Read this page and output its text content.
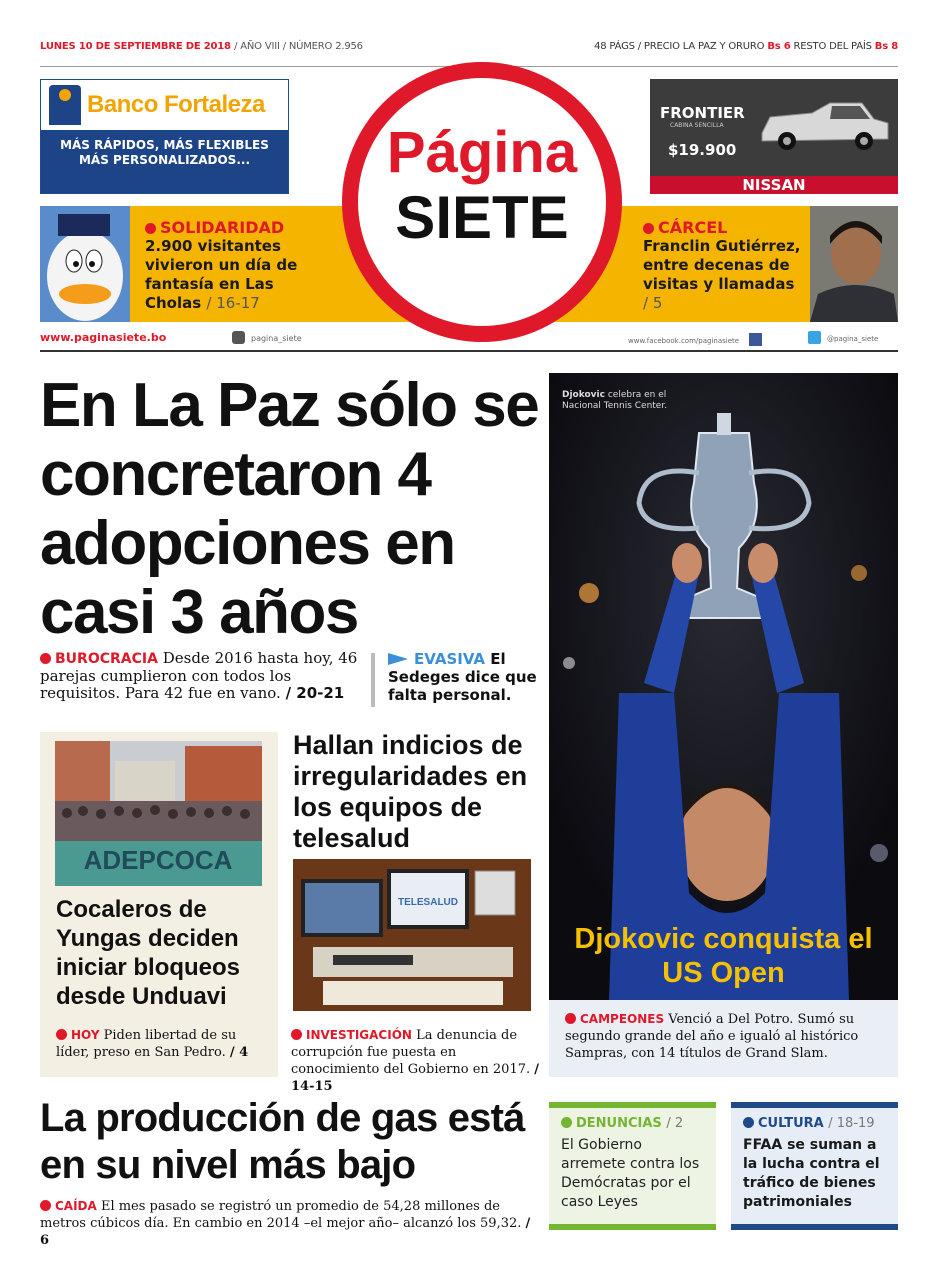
LUNES 10 DE SEPTIEMBRE DE 2018 / AÑO VIII / NÚMERO 2.956	48 PÁGS / PRECIO LA PAZ Y ORURO Bs 6 RESTO DEL PAÍS Bs 8
Banco Fortaleza
MÁS RÁPIDOS, MÁS FLEXIBLES
MÁS PERSONALIZADOS...
FRONTIER
CABINA SENCILLA
$19.900
NISSAN
SOLIDARIDAD
2.900 visitantes vivieron un día de fantasía en Las Cholas / 16-17
CÁRCEL
Franclin Gutiérrez, entre decenas de visitas y llamadas / 5
Página
SIETE
Diario nacional independiente
www.paginasiete.bo	pagina_siete	www.facebook.com/paginasiete	@pagina_siete
En La Paz sólo se concretaron 4 adopciones en casi 3 años
BUROCRACIA Desde 2016 hasta hoy, 46 parejas cumplieron con todos los requisitos. Para 42 fue en vano. / 20-21
EVASIVA El Sedeges dice que falta personal.
ADEPCOCA
Cocaleros de Yungas deciden iniciar bloqueos desde Unduavi
HOY Piden libertad de su líder, preso en San Pedro. / 4
Hallan indicios de irregularidades en los equipos de telesalud
TELESALUD
INVESTIGACIÓN La denuncia de corrupción fue puesta en conocimiento del Gobierno en 2017. / 14-15
Djokovic celebra en el Nacional Tennis Center.
Djokovic conquista el US Open
CAMPEONES Venció a Del Potro. Sumó su segundo grande del año e igualó al histórico Sampras, con 14 títulos de Grand Slam.
La producción de gas está en su nivel más bajo
CAÍDA El mes pasado se registró un promedio de 54,28 millones de metros cúbicos día. En cambio en 2014 –el mejor año– alcanzó los 59,32. / 6
DENUNCIAS / 2
El Gobierno arremete contra los Demócratas por el caso Leyes
CULTURA / 18-19
FFAA se suman a la lucha contra el tráfico de bienes patrimoniales
